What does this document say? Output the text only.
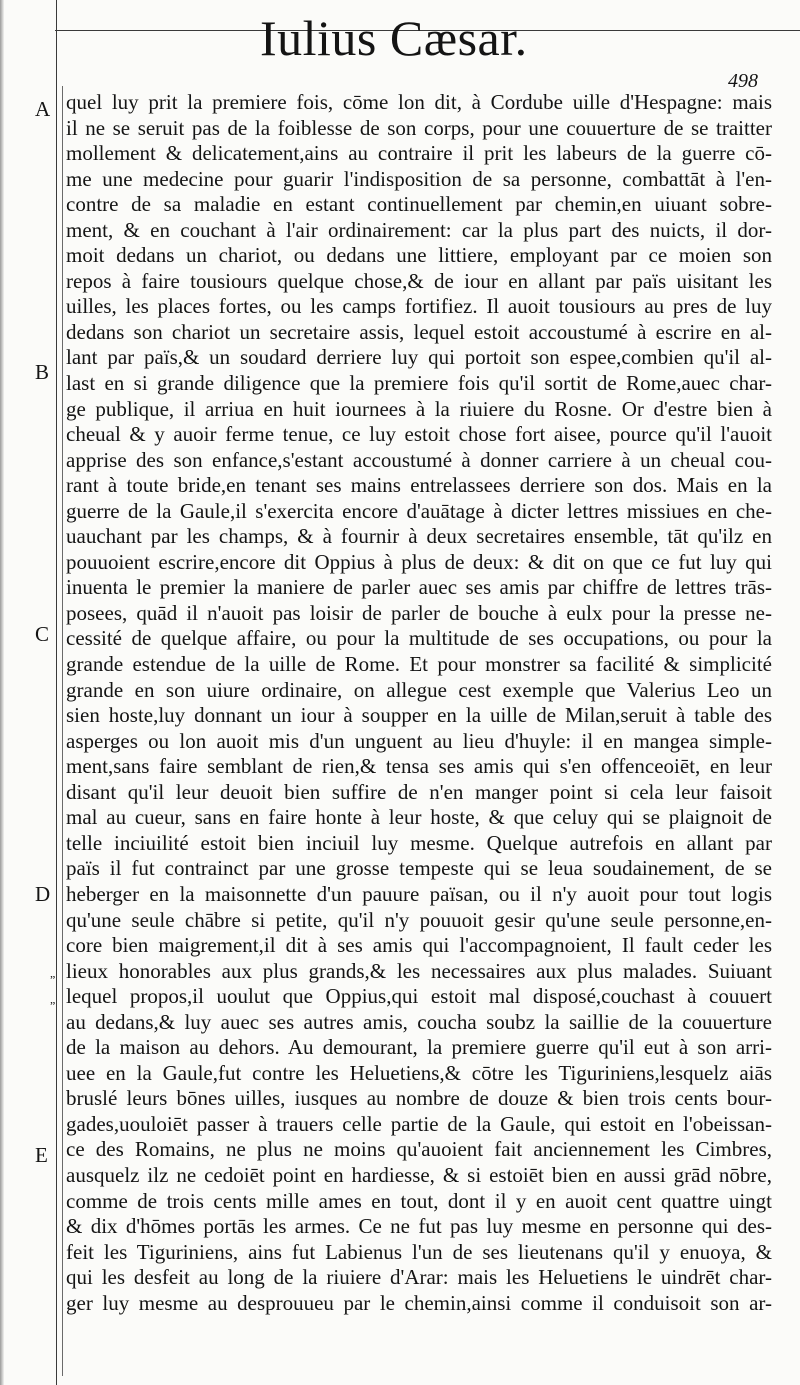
Iulius Cæsar.
498
A
B
C
D
E
„
„
quel luy prit la premiere fois, cōme lon dit, à Cordube uille d'Hespagne: mais
il ne se seruit pas de la foiblesse de son corps, pour une couuerture de se traitter
mollement & delicatement,ains au contraire il prit les labeurs de la guerre cō-
me une medecine pour guarir l'indisposition de sa personne, combattāt à l'en-
contre de sa maladie en estant continuellement par chemin,en uiuant sobre-
ment, & en couchant à l'air ordinairement: car la plus part des nuicts, il dor-
moit dedans un chariot, ou dedans une littiere, employant par ce moien son
repos à faire tousiours quelque chose,& de iour en allant par païs uisitant les
uilles, les places fortes, ou les camps fortifiez. Il auoit tousiours au pres de luy
dedans son chariot un secretaire assis, lequel estoit accoustumé à escrire en al-
lant par païs,& un soudard derriere luy qui portoit son espee,combien qu'il al-
last en si grande diligence que la premiere fois qu'il sortit de Rome,auec char-
ge publique, il arriua en huit iournees à la riuiere du Rosne. Or d'estre bien à
cheual & y auoir ferme tenue, ce luy estoit chose fort aisee, pource qu'il l'auoit
apprise des son enfance,s'estant accoustumé à donner carriere à un cheual cou-
rant à toute bride,en tenant ses mains entrelassees derriere son dos. Mais en la
guerre de la Gaule,il s'exercita encore d'auātage à dicter lettres missiues en che-
uauchant par les champs, & à fournir à deux secretaires ensemble, tāt qu'ilz en
pouuoient escrire,encore dit Oppius à plus de deux: & dit on que ce fut luy qui
inuenta le premier la maniere de parler auec ses amis par chiffre de lettres trās-
posees, quād il n'auoit pas loisir de parler de bouche à eulx pour la presse ne-
cessité de quelque affaire, ou pour la multitude de ses occupations, ou pour la
grande estendue de la uille de Rome. Et pour monstrer sa facilité & simplicité
grande en son uiure ordinaire, on allegue cest exemple que Valerius Leo un
sien hoste,luy donnant un iour à soupper en la uille de Milan,seruit à table des
asperges ou lon auoit mis d'un unguent au lieu d'huyle: il en mangea simple-
ment,sans faire semblant de rien,& tensa ses amis qui s'en offenceoiēt, en leur
disant qu'il leur deuoit bien suffire de n'en manger point si cela leur faisoit
mal au cueur, sans en faire honte à leur hoste, & que celuy qui se plaignoit de
telle inciuilité estoit bien inciuil luy mesme. Quelque autrefois en allant par
païs il fut contrainct par une grosse tempeste qui se leua soudainement, de se
heberger en la maisonnette d'un pauure païsan, ou il n'y auoit pour tout logis
qu'une seule chābre si petite, qu'il n'y pouuoit gesir qu'une seule personne,en-
core bien maigrement,il dit à ses amis qui l'accompagnoient, Il fault ceder les
lieux honorables aux plus grands,& les necessaires aux plus malades. Suiuant
lequel propos,il uoulut que Oppius,qui estoit mal disposé,couchast à couuert
au dedans,& luy auec ses autres amis, coucha soubz la saillie de la couuerture
de la maison au dehors. Au demourant, la premiere guerre qu'il eut à son arri-
uee en la Gaule,fut contre les Heluetiens,& cōtre les Tiguriniens,lesquelz aiās
bruslé leurs bōnes uilles, iusques au nombre de douze & bien trois cents bour-
gades,uouloiēt passer à trauers celle partie de la Gaule, qui estoit en l'obeissan-
ce des Romains, ne plus ne moins qu'auoient fait anciennement les Cimbres,
ausquelz ilz ne cedoiēt point en hardiesse, & si estoiēt bien en aussi grād nōbre,
comme de trois cents mille ames en tout, dont il y en auoit cent quattre uingt
& dix d'hōmes portās les armes. Ce ne fut pas luy mesme en personne qui des-
feit les Tiguriniens, ains fut Labienus l'un de ses lieutenans qu'il y enuoya, &
qui les desfeit au long de la riuiere d'Arar: mais les Heluetiens le uindrēt char-
ger luy mesme au desprouueu par le chemin,ainsi comme il conduisoit son ar-
